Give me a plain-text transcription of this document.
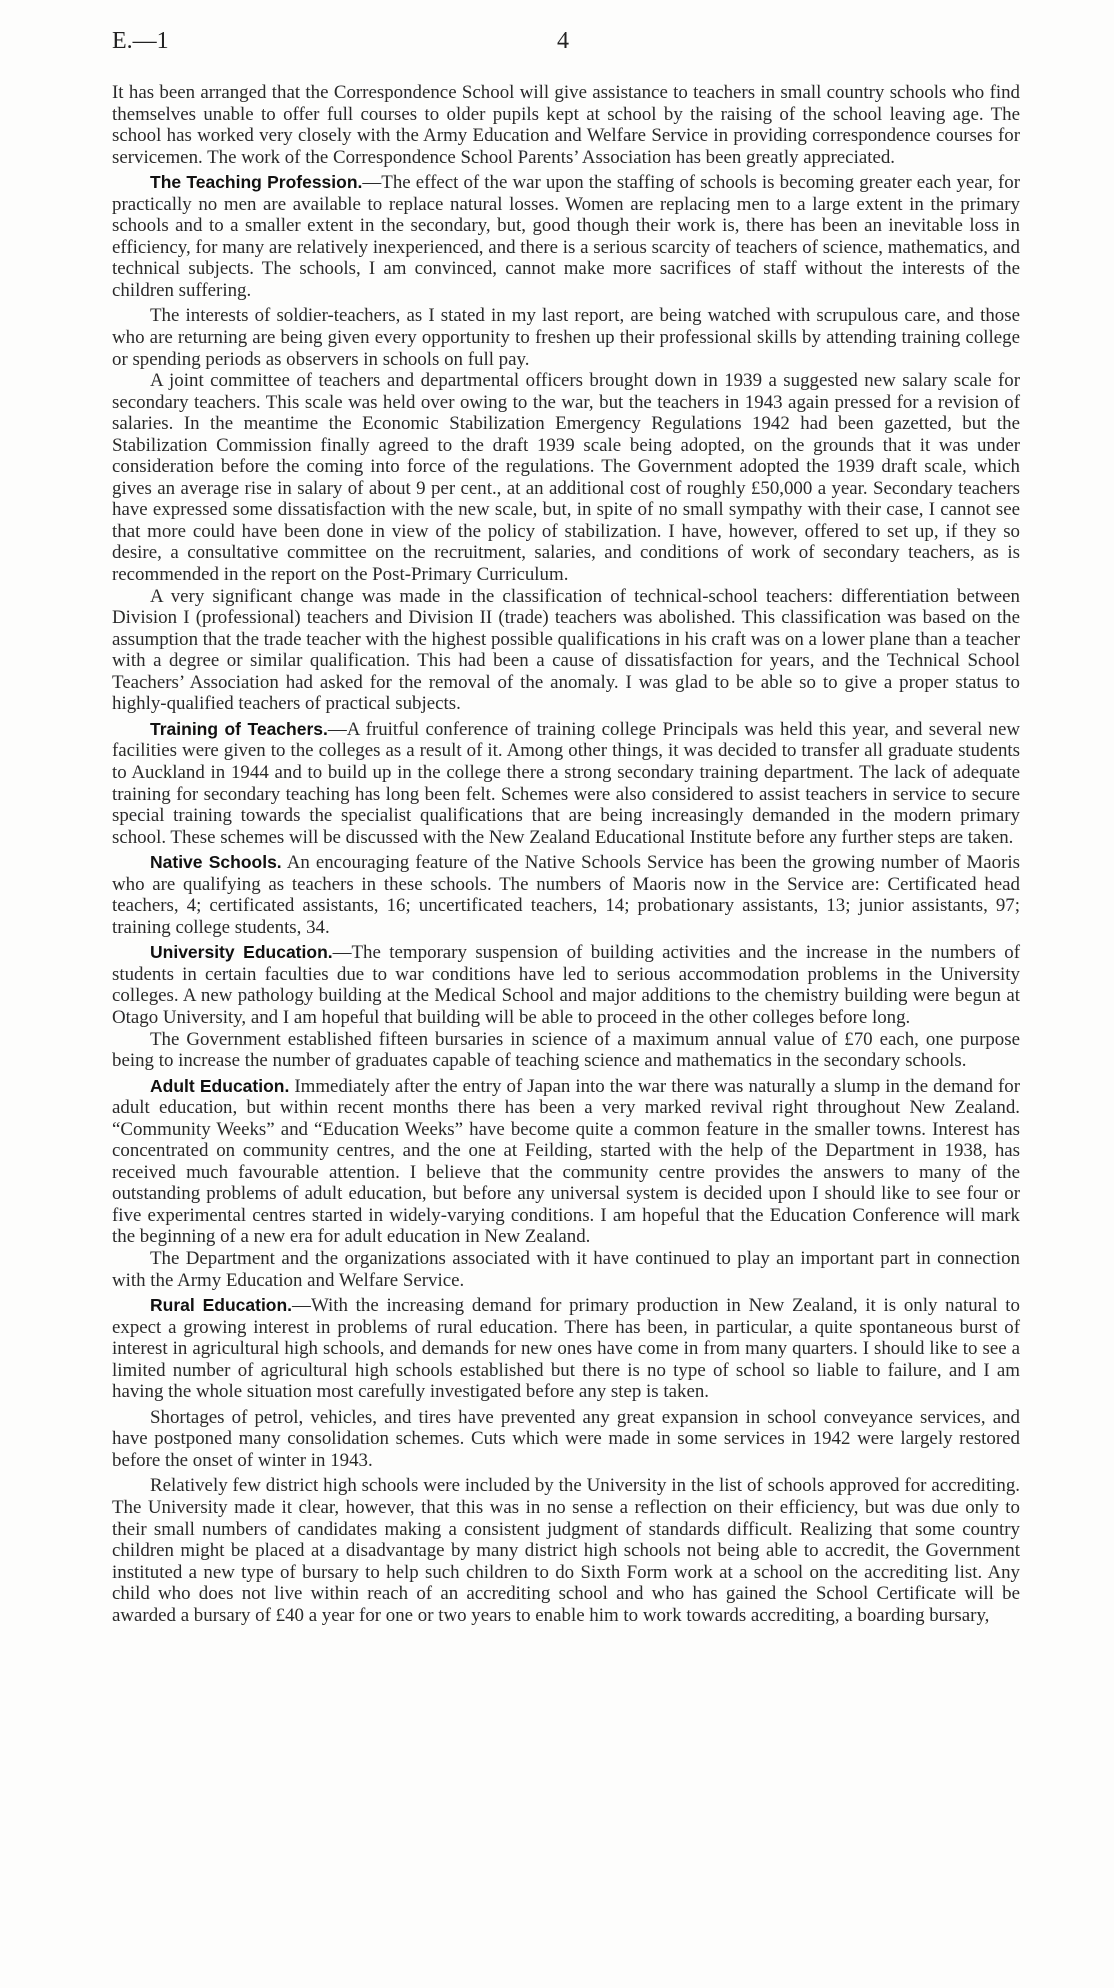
E.—1	4

It has been arranged that the Correspondence School will give assistance to teachers in small country schools who find themselves unable to offer full courses to older pupils kept at school by the raising of the school leaving age. The school has worked very closely with the Army Education and Welfare Service in providing correspondence courses for servicemen. The work of the Correspondence School Parents’ Association has been greatly appreciated.

The Teaching Profession.—The effect of the war upon the staffing of schools is becoming greater each year, for practically no men are available to replace natural losses. Women are replacing men to a large extent in the primary schools and to a smaller extent in the secondary, but, good though their work is, there has been an inevitable loss in efficiency, for many are relatively inexperienced, and there is a serious scarcity of teachers of science, mathematics, and technical subjects. The schools, I am convinced, cannot make more sacrifices of staff without the interests of the children suffering.

The interests of soldier-teachers, as I stated in my last report, are being watched with scrupulous care, and those who are returning are being given every opportunity to freshen up their professional skills by attending training college or spending periods as observers in schools on full pay.

A joint committee of teachers and departmental officers brought down in 1939 a suggested new salary scale for secondary teachers. This scale was held over owing to the war, but the teachers in 1943 again pressed for a revision of salaries. In the meantime the Economic Stabilization Emergency Regulations 1942 had been gazetted, but the Stabilization Commission finally agreed to the draft 1939 scale being adopted, on the grounds that it was under consideration before the coming into force of the regulations. The Government adopted the 1939 draft scale, which gives an average rise in salary of about 9 per cent., at an additional cost of roughly £50,000 a year. Secondary teachers have expressed some dissatisfaction with the new scale, but, in spite of no small sympathy with their case, I cannot see that more could have been done in view of the policy of stabilization. I have, however, offered to set up, if they so desire, a consultative committee on the recruitment, salaries, and conditions of work of secondary teachers, as is recommended in the report on the Post-Primary Curriculum.

A very significant change was made in the classification of technical-school teachers: differentiation between Division I (professional) teachers and Division II (trade) teachers was abolished. This classification was based on the assumption that the trade teacher with the highest possible qualifications in his craft was on a lower plane than a teacher with a degree or similar qualification. This had been a cause of dissatisfaction for years, and the Technical School Teachers’ Association had asked for the removal of the anomaly. I was glad to be able so to give a proper status to highly-qualified teachers of practical subjects.

Training of Teachers.—A fruitful conference of training college Principals was held this year, and several new facilities were given to the colleges as a result of it. Among other things, it was decided to transfer all graduate students to Auckland in 1944 and to build up in the college there a strong secondary training department. The lack of adequate training for secondary teaching has long been felt. Schemes were also considered to assist teachers in service to secure special training towards the specialist qualifications that are being increasingly demanded in the modern primary school. These schemes will be discussed with the New Zealand Educational Institute before any further steps are taken.

Native Schools. An encouraging feature of the Native Schools Service has been the growing number of Maoris who are qualifying as teachers in these schools. The numbers of Maoris now in the Service are: Certificated head teachers, 4; certificated assistants, 16; uncertificated teachers, 14; probationary assistants, 13; junior assistants, 97; training college students, 34.

University Education.—The temporary suspension of building activities and the increase in the numbers of students in certain faculties due to war conditions have led to serious accommodation problems in the University colleges. A new pathology building at the Medical School and major additions to the chemistry building were begun at Otago University, and I am hopeful that building will be able to proceed in the other colleges before long.

The Government established fifteen bursaries in science of a maximum annual value of £70 each, one purpose being to increase the number of graduates capable of teaching science and mathematics in the secondary schools.

Adult Education. Immediately after the entry of Japan into the war there was naturally a slump in the demand for adult education, but within recent months there has been a very marked revival right throughout New Zealand. “Community Weeks” and “Education Weeks” have become quite a common feature in the smaller towns. Interest has concentrated on community centres, and the one at Feilding, started with the help of the Department in 1938, has received much favourable attention. I believe that the community centre provides the answers to many of the outstanding problems of adult education, but before any universal system is decided upon I should like to see four or five experimental centres started in widely-varying conditions. I am hopeful that the Education Conference will mark the beginning of a new era for adult education in New Zealand.

The Department and the organizations associated with it have continued to play an important part in connection with the Army Education and Welfare Service.

Rural Education.—With the increasing demand for primary production in New Zealand, it is only natural to expect a growing interest in problems of rural education. There has been, in particular, a quite spontaneous burst of interest in agricultural high schools, and demands for new ones have come in from many quarters. I should like to see a limited number of agricultural high schools established but there is no type of school so liable to failure, and I am having the whole situation most carefully investigated before any step is taken.

Shortages of petrol, vehicles, and tires have prevented any great expansion in school conveyance services, and have postponed many consolidation schemes. Cuts which were made in some services in 1942 were largely restored before the onset of winter in 1943.

Relatively few district high schools were included by the University in the list of schools approved for accrediting. The University made it clear, however, that this was in no sense a reflection on their efficiency, but was due only to their small numbers of candidates making a consistent judgment of standards difficult. Realizing that some country children might be placed at a disadvantage by many district high schools not being able to accredit, the Government instituted a new type of bursary to help such children to do Sixth Form work at a school on the accrediting list. Any child who does not live within reach of an accrediting school and who has gained the School Certificate will be awarded a bursary of £40 a year for one or two years to enable him to work towards accrediting, a boarding bursary,
